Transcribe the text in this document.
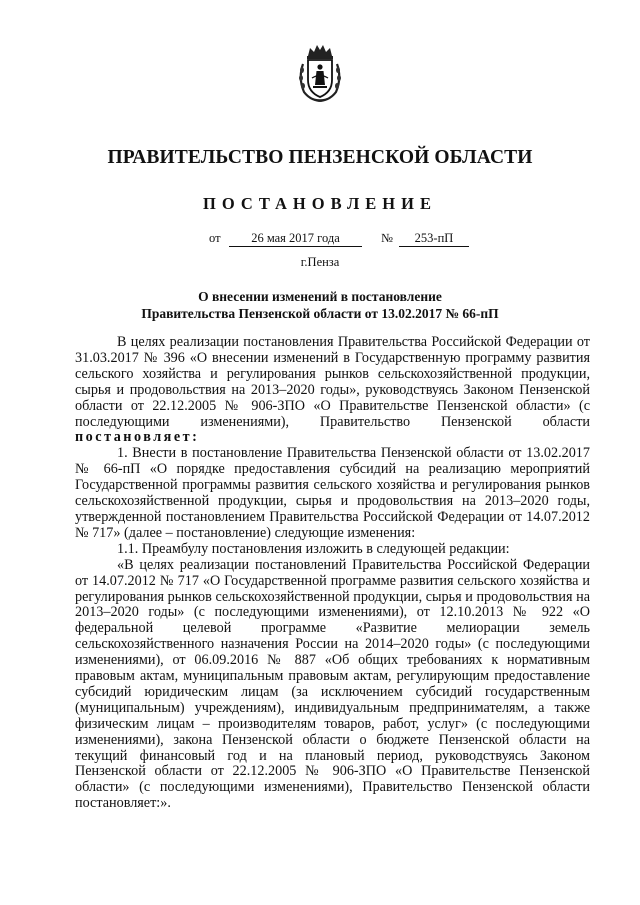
ПРАВИТЕЛЬСТВО ПЕНЗЕНСКОЙ ОБЛАСТИ
ПОСТАНОВЛЕНИЕ
от	26 мая 2017 года	№	253-пП
г.Пенза
О внесении изменений в постановление
Правительства Пензенской области от 13.02.2017 № 66-пП

В целях реализации постановления Правительства Российской Федерации от 31.03.2017 № 396 «О внесении изменений в Государственную программу развития сельского хозяйства и регулирования рынков сельскохозяйственной продукции, сырья и продовольствия на 2013–2020 годы», руководствуясь Законом Пензенской области от 22.12.2005 № 906-ЗПО «О Правительстве Пензенской области» (с последующими изменениями), Правительство Пензенской области постановляет:

1. Внести в постановление Правительства Пензенской области от 13.02.2017 № 66-пП «О порядке предоставления субсидий на реализацию мероприятий Государственной программы развития сельского хозяйства и регулирования рынков сельскохозяйственной продукции, сырья и продовольствия на 2013–2020 годы, утвержденной постановлением Правительства Российской Федерации от 14.07.2012 № 717» (далее – постановление) следующие изменения:

1.1. Преамбулу постановления изложить в следующей редакции:

«В целях реализации постановлений Правительства Российской Федерации от 14.07.2012 № 717 «О Государственной программе развития сельского хозяйства и регулирования рынков сельскохозяйственной продукции, сырья и продовольствия на 2013–2020 годы» (с последующими изменениями), от 12.10.2013 № 922 «О федеральной целевой программе «Развитие мелиорации земель сельскохозяйственного назначения России на 2014–2020 годы» (с последующими изменениями), от 06.09.2016 № 887 «Об общих требованиях к нормативным правовым актам, муниципальным правовым актам, регулирующим предоставление субсидий юридическим лицам (за исключением субсидий государственным (муниципальным) учреждениям), индивидуальным предпринимателям, а также физическим лицам – производителям товаров, работ, услуг» (с последующими изменениями), закона Пензенской области о бюджете Пензенской области на текущий финансовый год и на плановый период, руководствуясь Законом Пензенской области от 22.12.2005 № 906-ЗПО «О Правительстве Пензенской области» (с последующими изменениями), Правительство Пензенской области постановляет:».
